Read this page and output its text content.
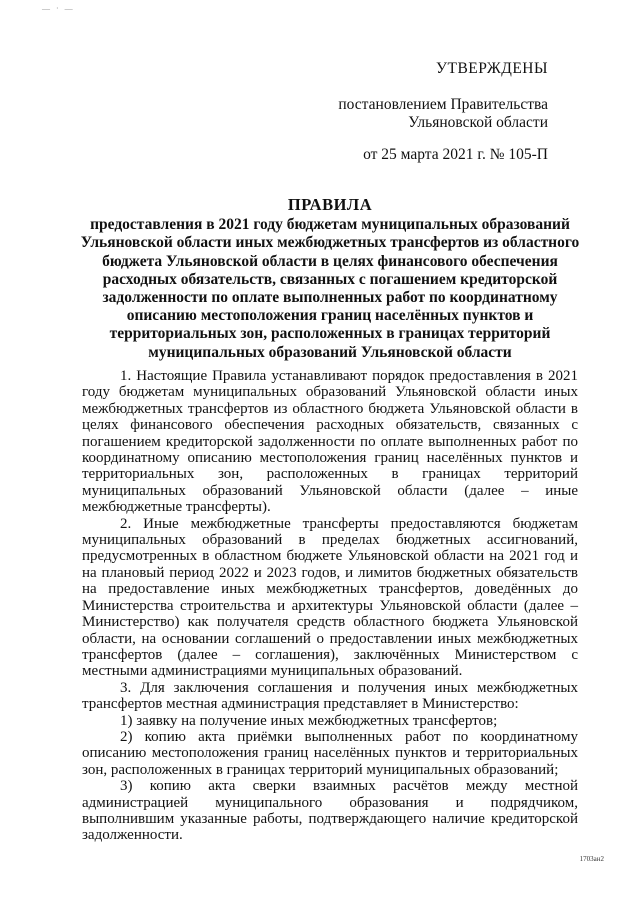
— · —
УТВЕРЖДЕНЫ
постановлением Правительства
Ульяновской области
от 25 марта 2021 г. № 105-П
ПРАВИЛА
предоставления в 2021 году бюджетам муниципальных образований Ульяновской области иных межбюджетных трансфертов из областного бюджета Ульяновской области в целях финансового обеспечения расходных обязательств, связанных с погашением кредиторской задолженности по оплате выполненных работ по координатному описанию местоположения границ населённых пунктов и территориальных зон, расположенных в границах территорий муниципальных образований Ульяновской области

1. Настоящие Правила устанавливают порядок предоставления в 2021 году бюджетам муниципальных образований Ульяновской области иных межбюджетных трансфертов из областного бюджета Ульяновской области в целях финансового обеспечения расходных обязательств, связанных с погашением кредиторской задолженности по оплате выполненных работ по координатному описанию местоположения границ населённых пунктов и территориальных зон, расположенных в границах территорий муниципальных образований Ульяновской области (далее – иные межбюджетные трансферты).

2. Иные межбюджетные трансферты предоставляются бюджетам муниципальных образований в пределах бюджетных ассигнований, предусмотренных в областном бюджете Ульяновской области на 2021 год и на плановый период 2022 и 2023 годов, и лимитов бюджетных обязательств на предоставление иных межбюджетных трансфертов, доведённых до Министерства строительства и архитектуры Ульяновской области (далее – Министерство) как получателя средств областного бюджета Ульяновской области, на основании соглашений о предоставлении иных межбюджетных трансфертов (далее – соглашения), заключённых Министерством с местными администрациями муниципальных образований.

3. Для заключения соглашения и получения иных межбюджетных трансфертов местная администрация представляет в Министерство:

1) заявку на получение иных межбюджетных трансфертов;

2) копию акта приёмки выполненных работ по координатному описанию местоположения границ населённых пунктов и территориальных зон, расположенных в границах территорий муниципальных образований;

3) копию акта сверки взаимных расчётов между местной администрацией муниципального образования и подрядчиком, выполнившим указанные работы, подтверждающего наличие кредиторской задолженности.

1703ан2
